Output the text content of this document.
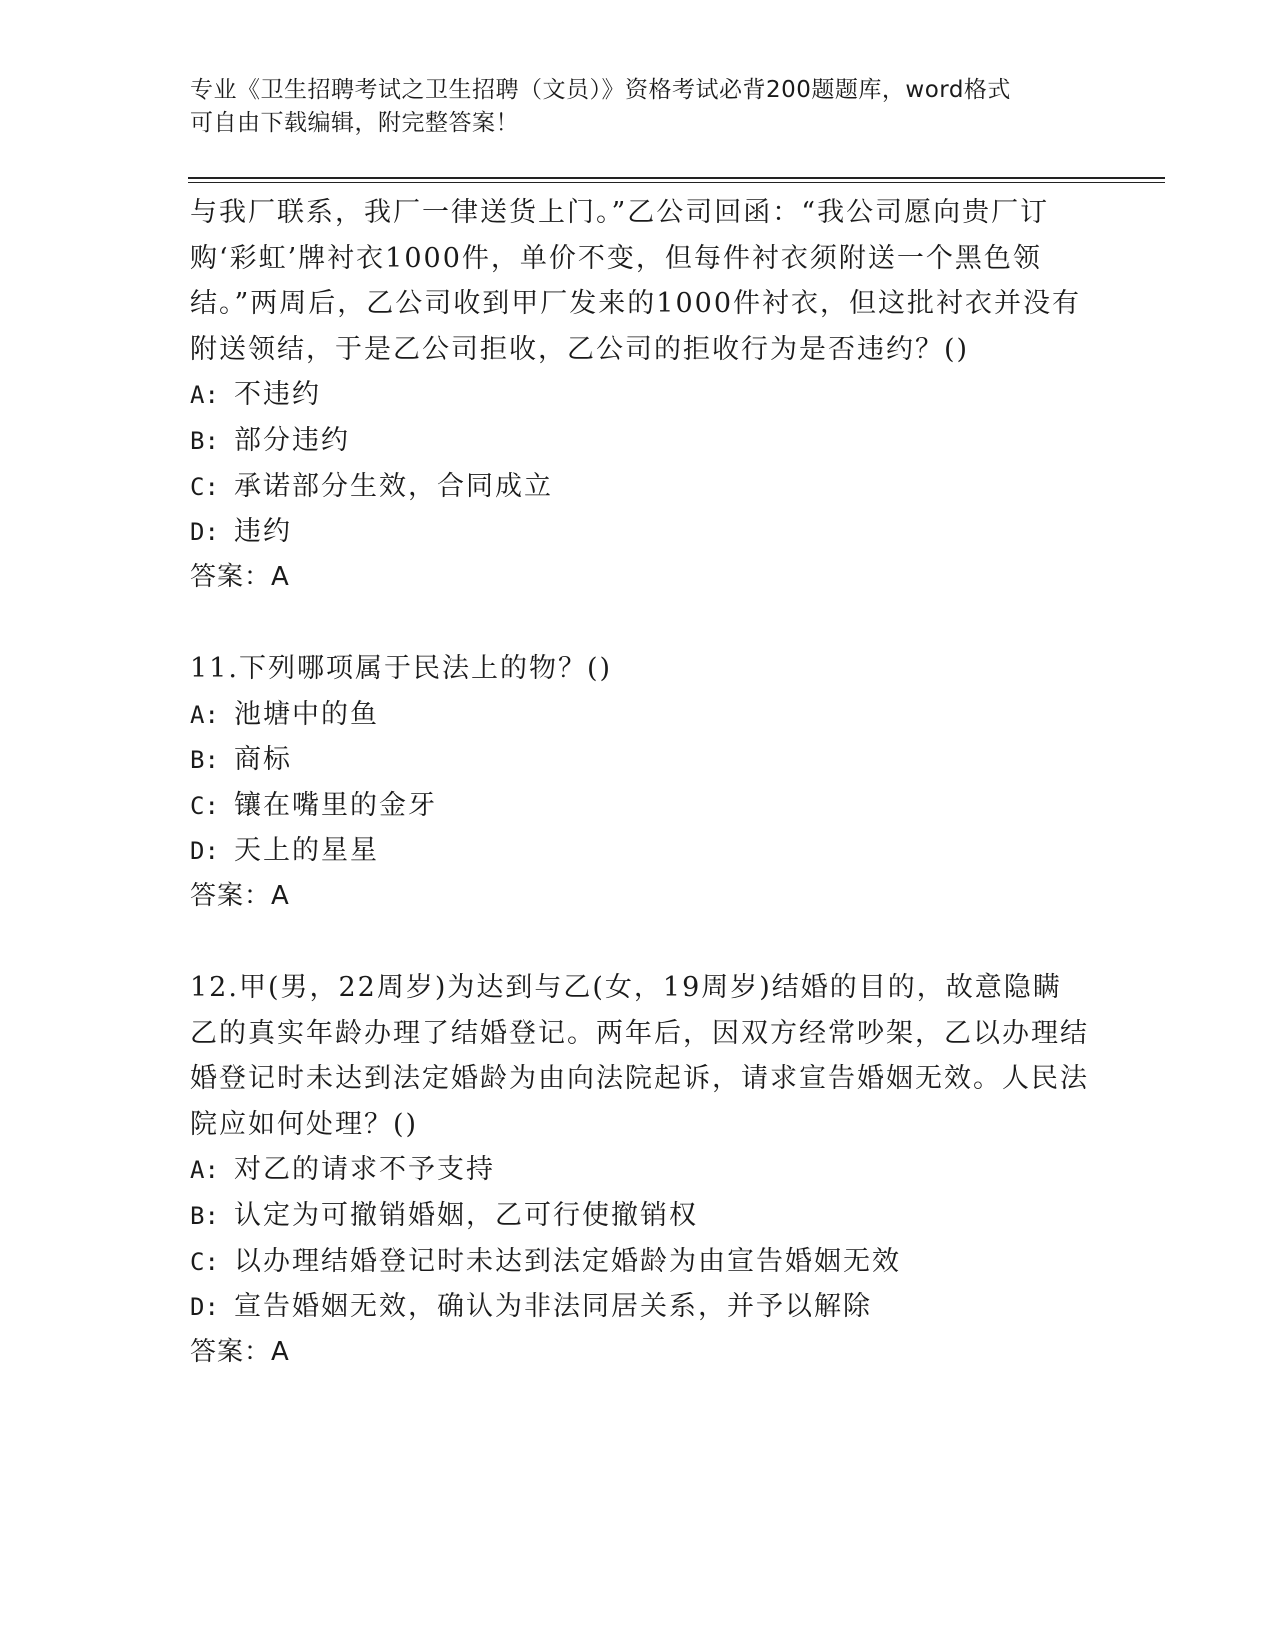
专业《卫生招聘考试之卫生招聘（文员）》资格考试必背200题题库，word格式
可自由下载编辑，附完整答案！

与我厂联系，我厂一律送货上门。”乙公司回函：“我公司愿向贵厂订购‘彩虹’牌衬衣1000件，单价不变，但每件衬衣须附送一个黑色领结。”两周后，乙公司收到甲厂发来的1000件衬衣，但这批衬衣并没有附送领结，于是乙公司拒收，乙公司的拒收行为是否违约？()

A: 不违约
B: 部分违约
C: 承诺部分生效，合同成立
D: 违约
答案：A

11.下列哪项属于民法上的物？()

A: 池塘中的鱼
B: 商标
C: 镶在嘴里的金牙
D: 天上的星星
答案：A

12.甲(男，22周岁)为达到与乙(女，19周岁)结婚的目的，故意隐瞒乙的真实年龄办理了结婚登记。两年后，因双方经常吵架，乙以办理结婚登记时未达到法定婚龄为由向法院起诉，请求宣告婚姻无效。人民法院应如何处理？()

A: 对乙的请求不予支持
B: 认定为可撤销婚姻，乙可行使撤销权
C: 以办理结婚登记时未达到法定婚龄为由宣告婚姻无效
D: 宣告婚姻无效，确认为非法同居关系，并予以解除
答案：A
